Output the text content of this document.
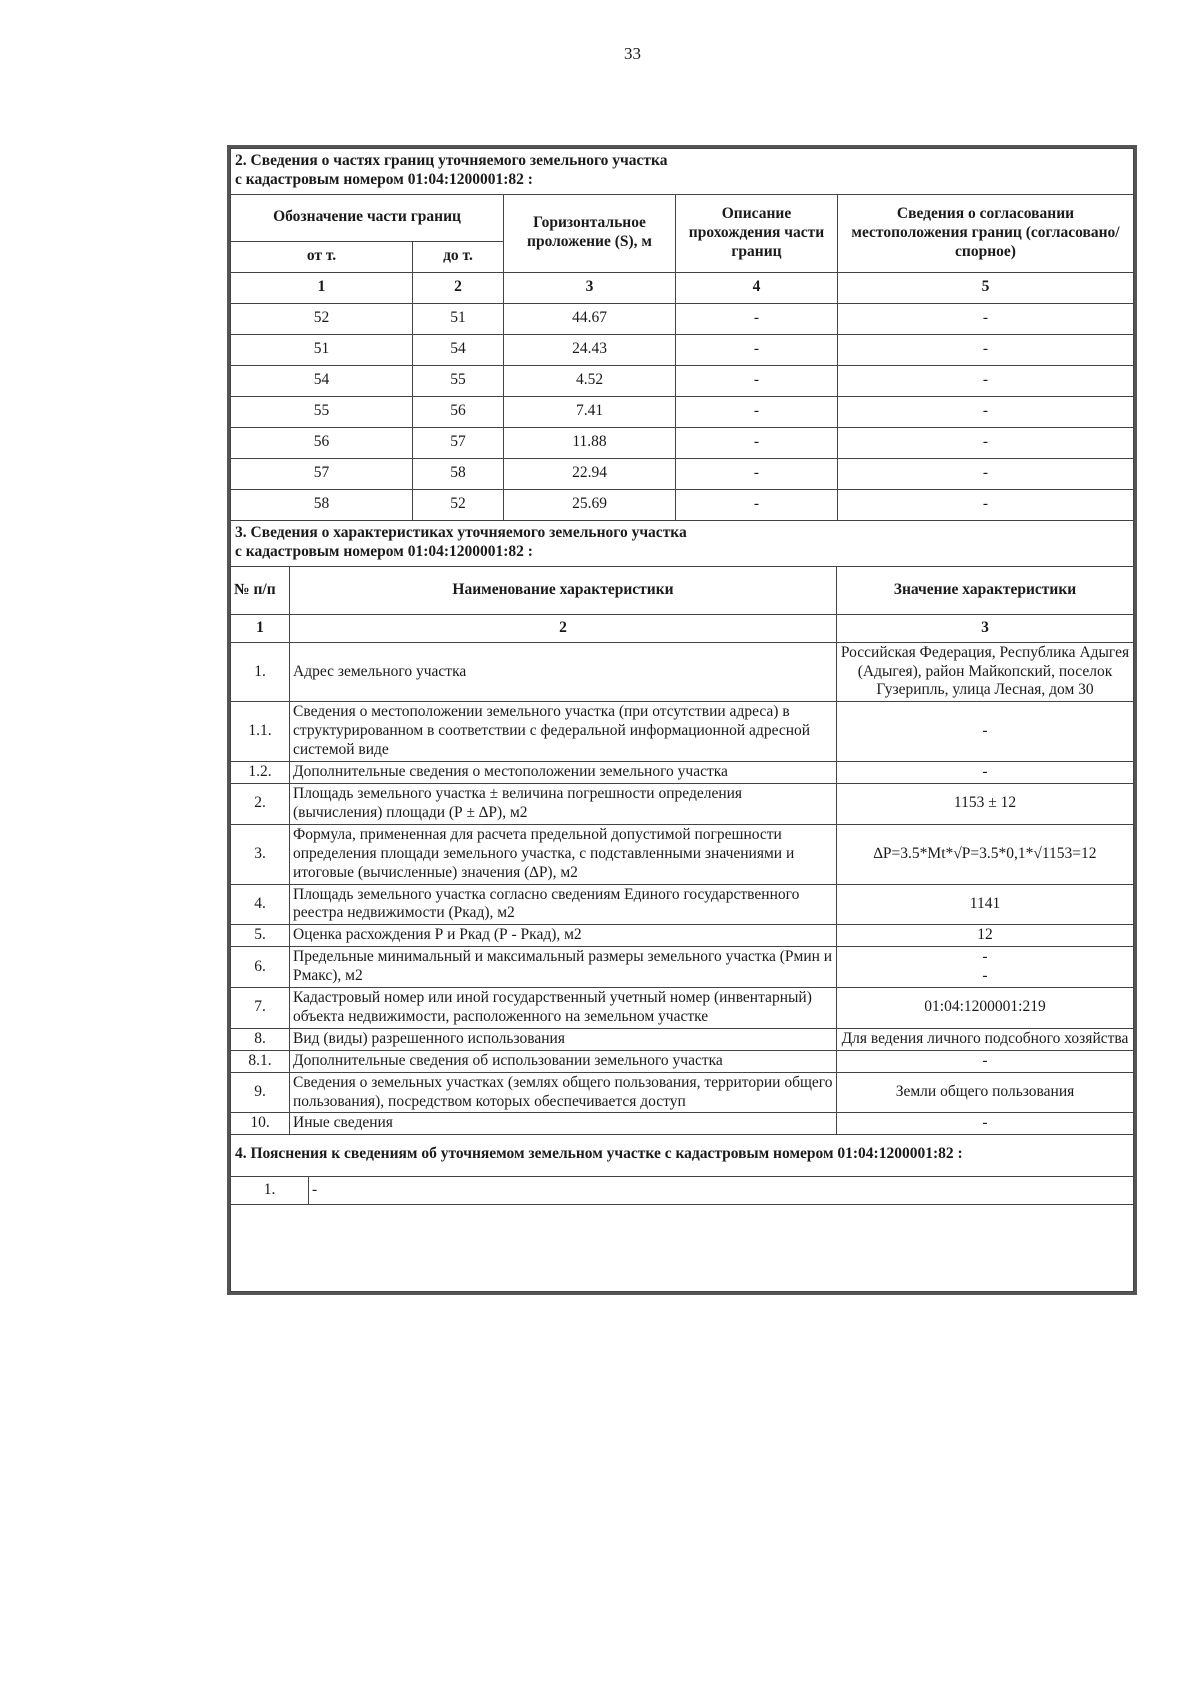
33
2. Сведения о частях границ уточняемого земельного участка
с кадастровым номером 01:04:1200001:82 :				
Обозначение части границ		Горизонтальное проложение (S), м	Описание прохождения части границ	Сведения о согласовании местоположения границ (согласовано/спорное)
от т.	до т.			
1	2	3	4	5
52	51	44.67	-	-
51	54	24.43	-	-
54	55	4.52	-	-
55	56	7.41	-	-
56	57	11.88	-	-
57	58	22.94	-	-
58	52	25.69	-	-
3. Сведения о характеристиках уточняемого земельного участка
с кадастровым номером 01:04:1200001:82 :		
№ п/п	Наименование характеристики	Значение характеристики
1	2	3
1.	Адрес земельного участка	Российская Федерация, Республика Адыгея (Адыгея), район Майкопский, поселок Гузерипль, улица Лесная, дом 30
1.1.	Сведения о местоположении земельного участка (при отсутствии адреса) в структурированном в соответствии с федеральной информационной адресной системой виде	-
1.2.	Дополнительные сведения о местоположении земельного участка	-
2.	Площадь земельного участка ± величина погрешности определения (вычисления) площади (Р ± ∆Р), м2	1153 ± 12
3.	Формула, примененная для расчета предельной допустимой погрешности определения площади земельного участка, с подставленными значениями и итоговые (вычисленные) значения (∆Р), м2	∆Р=3.5*Мt*√Р=3.5*0,1*√1153=12
4.	Площадь земельного участка согласно сведениям Единого государственного реестра недвижимости (Ркад), м2	1141
5.	Оценка расхождения Р и Ркад (Р - Ркад), м2	12
6.	Предельные минимальный и максимальный размеры земельного участка (Рмин и Рмакс), м2	-
-
7.	Кадастровый номер или иной государственный учетный номер (инвентарный) объекта недвижимости, расположенного на земельном участке	01:04:1200001:219
8.	Вид (виды) разрешенного использования	Для ведения личного подсобного хозяйства
8.1.	Дополнительные сведения об использовании земельного участка	-
9.	Сведения о земельных участках (землях общего пользования, территории общего пользования), посредством которых обеспечивается доступ	Земли общего пользования
10.	Иные сведения	-
4. Пояснения к сведениям об уточняемом земельном участке с кадастровым номером 01:04:1200001:82 :
1.	-
